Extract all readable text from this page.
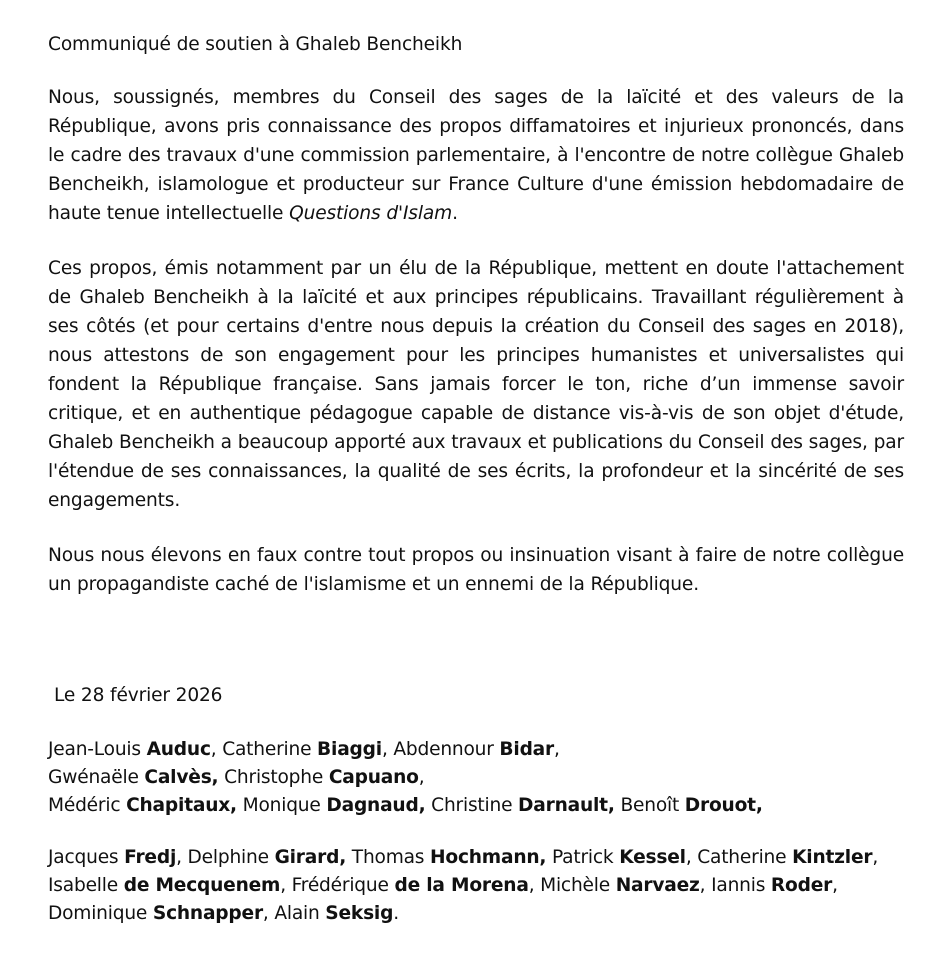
Communiqué de soutien à Ghaleb Bencheikh

Nous, soussignés, membres du Conseil des sages de la laïcité et des valeurs de la République, avons pris connaissance des propos diffamatoires et injurieux prononcés, dans le cadre des travaux d'une commission parlementaire, à l'encontre de notre collègue Ghaleb Bencheikh, islamologue et producteur sur France Culture d'une émission hebdomadaire de haute tenue intellectuelle Questions d'Islam.

Ces propos, émis notamment par un élu de la République, mettent en doute l'attachement de Ghaleb Bencheikh à la laïcité et aux principes républicains. Travaillant régulièrement à ses côtés (et pour certains d'entre nous depuis la création du Conseil des sages en 2018), nous attestons de son engagement pour les principes humanistes et universalistes qui fondent la République française. Sans jamais forcer le ton, riche d’un immense savoir critique, et en authentique pédagogue capable de distance vis-à-vis de son objet d'étude, Ghaleb Bencheikh a beaucoup apporté aux travaux et publications du Conseil des sages, par l'étendue de ses connaissances, la qualité de ses écrits, la profondeur et la sincérité de ses engagements.

Nous nous élevons en faux contre tout propos ou insinuation visant à faire de notre collègue un propagandiste caché de l'islamisme et un ennemi de la République.

Le 28 février 2026
Jean-Louis Auduc, Catherine Biaggi, Abdennour Bidar,
Gwénaële Calvès, Christophe Capuano,
Médéric Chapitaux, Monique Dagnaud, Christine Darnault, Benoît Drouot,
Jacques Fredj, Delphine Girard, Thomas Hochmann, Patrick Kessel, Catherine Kintzler,
Isabelle de Mecquenem, Frédérique de la Morena, Michèle Narvaez, Iannis Roder,
Dominique Schnapper, Alain Seksig.
